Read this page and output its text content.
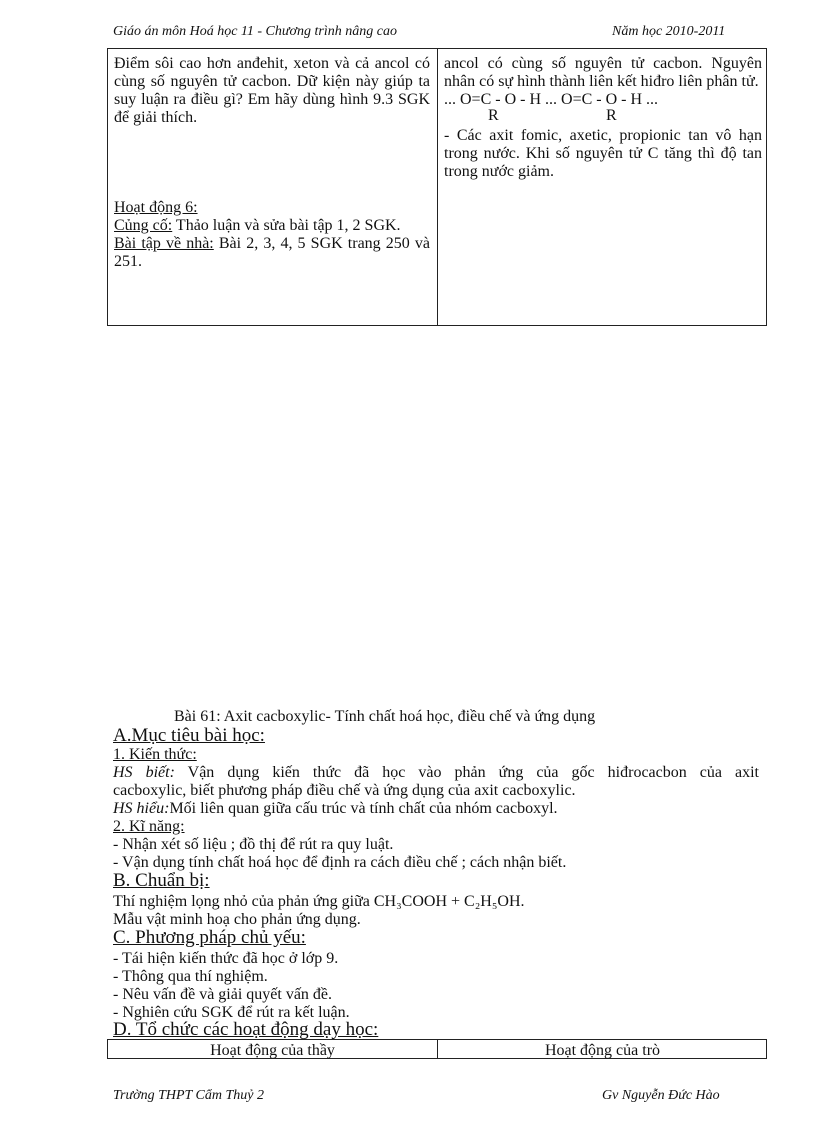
Giáo án môn Hoá học 11 - Chương trình nâng cao	Năm học 2010-2011
Điểm sôi cao hơn anđehit, xeton và cả ancol có cùng số nguyên tử cacbon. Dữ kiện này giúp ta suy luận ra điều gì? Em hãy dùng hình 9.3 SGK để giải thích.
Hoạt động 6:
Củng cố: Thảo luận và sửa bài tập 1, 2 SGK.
Bài tập về nhà: Bài 2, 3, 4, 5 SGK trang 250 và 251.
ancol có cùng số nguyên tử cacbon. Nguyên nhân có sự hình thành liên kết hiđro liên phân tử.
... O=C - O - H ... O=C - O - H ...
R	R
- Các axit fomic, axetic, propionic tan vô hạn trong nước. Khi số nguyên tử C tăng thì độ tan trong nước giảm.
Bài 61: Axit cacboxylic- Tính chất hoá học, điều chế và ứng dụng
A.Mục tiêu bài học:
1. Kiến thức:
HS biết: Vận dụng kiến thức đã học vào phản ứng của gốc hiđrocacbon của axit
cacboxylic, biết phương pháp điều chế và ứng dụng của axit cacboxylic.
HS hiểu:Mối liên quan giữa cấu trúc và tính chất của nhóm cacboxyl.
2. Kĩ năng:
- Nhận xét số liệu ; đồ thị để rút ra quy luật.
- Vận dụng tính chất hoá học để định ra cách điều chế ; cách nhận biết.
B. Chuẩn bị:
Thí nghiệm lọng nhỏ của phản ứng giữa CH₃COOH + C₂H₅OH.
Mẫu vật minh hoạ cho phản ứng dụng.
C. Phương pháp chủ yếu:
- Tái hiện kiến thức đã học ở lớp 9.
- Thông qua thí nghiệm.
- Nêu vấn đề và giải quyết vấn đề.
- Nghiên cứu SGK để rút ra kết luận.
D. Tổ chức các hoạt động dạy học:
Hoạt động của thầy	Hoạt động của trò
Trường THPT Cẩm Thuỷ 2	Gv Nguyễn Đức Hào
